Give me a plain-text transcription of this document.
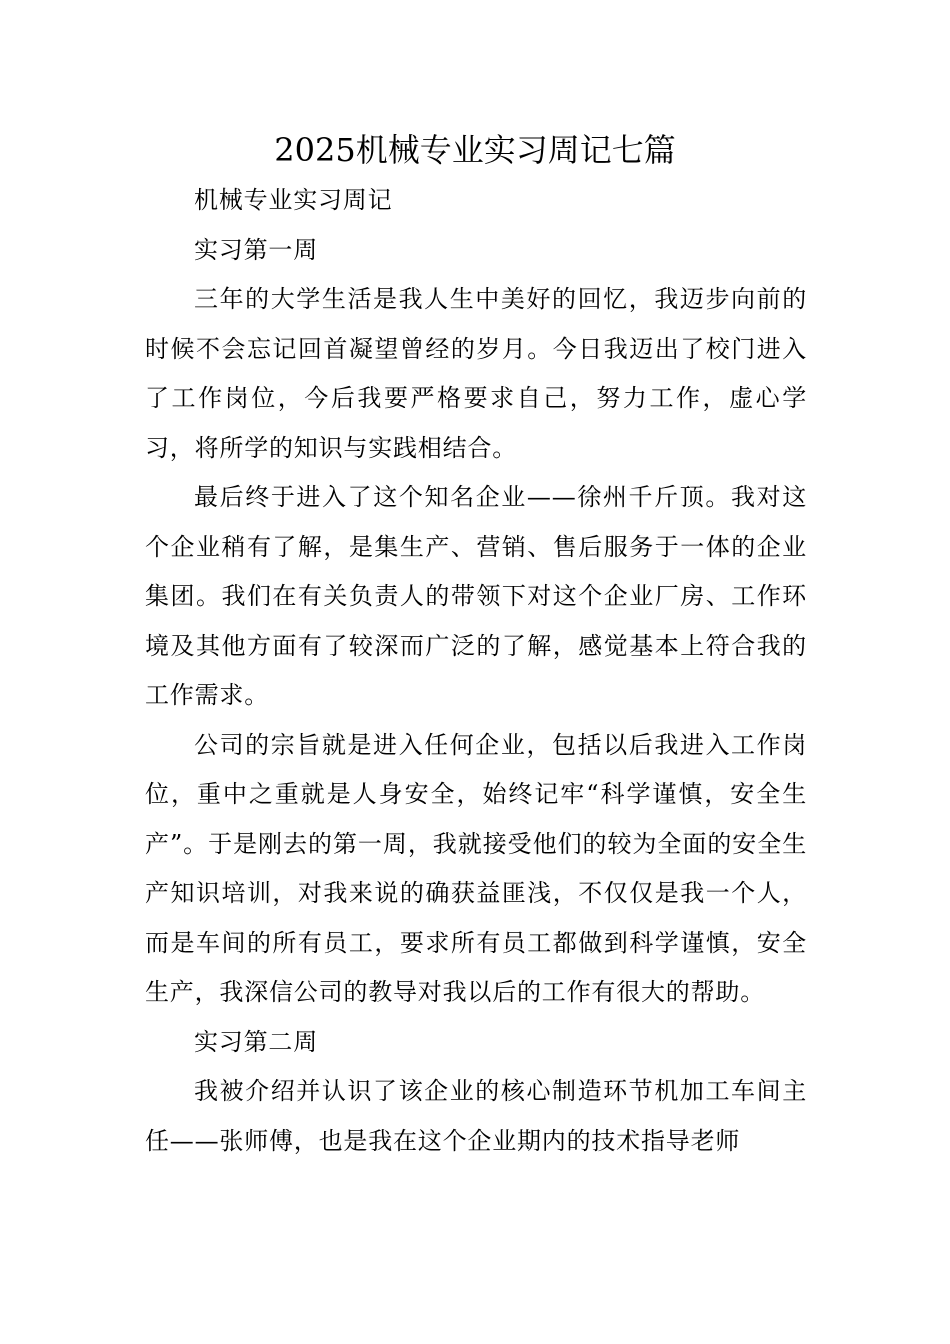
2025机械专业实习周记七篇

机械专业实习周记

实习第一周

三年的大学生活是我人生中美好的回忆，我迈步向前的时候不会忘记回首凝望曾经的岁月。今日我迈出了校门进入了工作岗位，今后我要严格要求自己，努力工作，虚心学习，将所学的知识与实践相结合。

最后终于进入了这个知名企业——徐州千斤顶。我对这个企业稍有了解，是集生产、营销、售后服务于一体的企业集团。我们在有关负责人的带领下对这个企业厂房、工作环境及其他方面有了较深而广泛的了解，感觉基本上符合我的工作需求。

公司的宗旨就是进入任何企业，包括以后我进入工作岗位，重中之重就是人身安全，始终记牢“科学谨慎，安全生产”。于是刚去的第一周，我就接受他们的较为全面的安全生产知识培训，对我来说的确获益匪浅，不仅仅是我一个人，而是车间的所有员工，要求所有员工都做到科学谨慎，安全生产，我深信公司的教导对我以后的工作有很大的帮助。

实习第二周

我被介绍并认识了该企业的核心制造环节机加工车间主任——张师傅，也是我在这个企业期内的技术指导老师
